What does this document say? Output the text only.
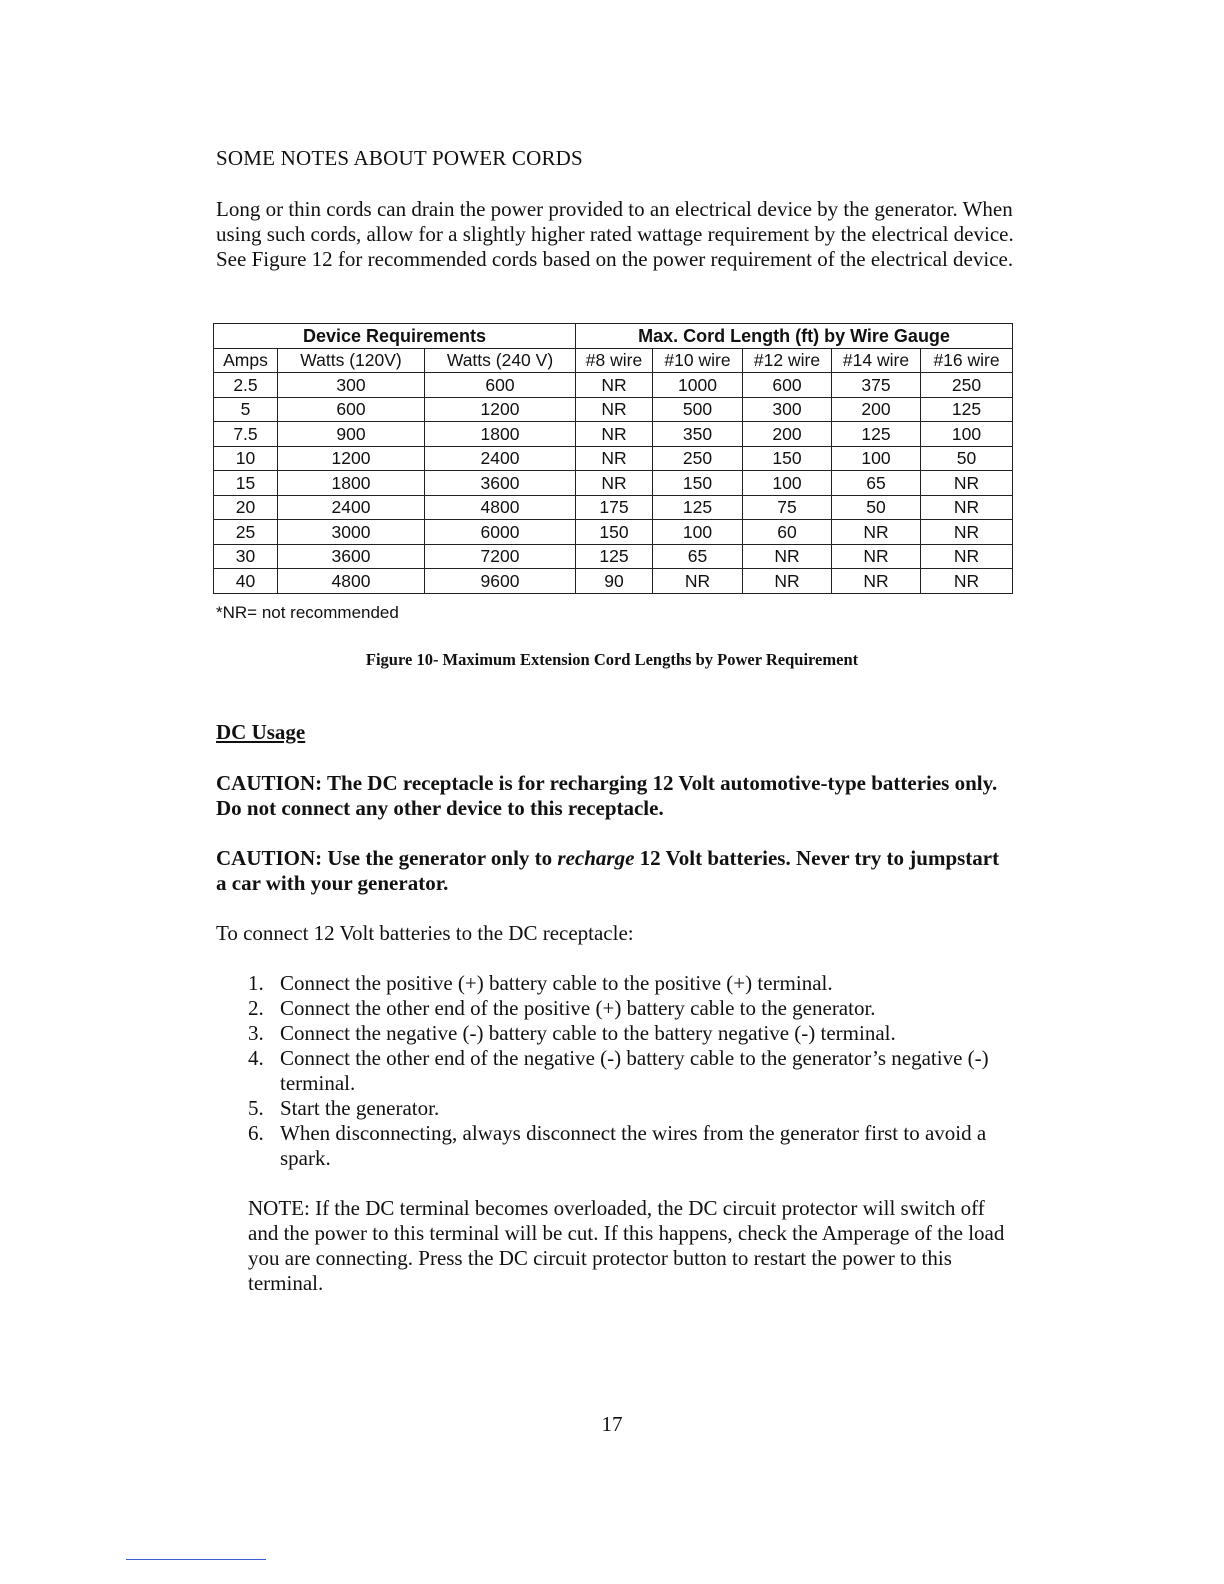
SOME NOTES ABOUT POWER CORDS

Long or thin cords can drain the power provided to an electrical device by the generator. When using such cords, allow for a slightly higher rated wattage requirement by the electrical device. See Figure 12 for recommended cords based on the power requirement of the electrical device.

Device Requirements			Max. Cord Length (ft) by Wire Gauge				
Amps	Watts (120V)	Watts (240 V)	#8 wire	#10 wire	#12 wire	#14 wire	#16 wire
2.5	300	600	NR	1000	600	375	250
5	600	1200	NR	500	300	200	125
7.5	900	1800	NR	350	200	125	100
10	1200	2400	NR	250	150	100	50
15	1800	3600	NR	150	100	65	NR
20	2400	4800	175	125	75	50	NR
25	3000	6000	150	100	60	NR	NR
30	3600	7200	125	65	NR	NR	NR
40	4800	9600	90	NR	NR	NR	NR
*NR= not recommended
Figure 10- Maximum Extension Cord Lengths by Power Requirement
DC Usage

CAUTION: The DC receptacle is for recharging 12 Volt automotive-type batteries only. Do not connect any other device to this receptacle.

CAUTION: Use the generator only to recharge 12 Volt batteries. Never try to jumpstart a car with your generator.

To connect 12 Volt batteries to the DC receptacle:
1. Connect the positive (+) battery cable to the positive (+) terminal.
2. Connect the other end of the positive (+) battery cable to the generator.
3. Connect the negative (-) battery cable to the battery negative (-) terminal.
4. Connect the other end of the negative (-) battery cable to the generator’s negative (-) terminal.
5. Start the generator.
6. When disconnecting, always disconnect the wires from the generator first to avoid a spark.

NOTE: If the DC terminal becomes overloaded, the DC circuit protector will switch off and the power to this terminal will be cut. If this happens, check the Amperage of the load you are connecting. Press the DC circuit protector button to restart the power to this terminal.

17
